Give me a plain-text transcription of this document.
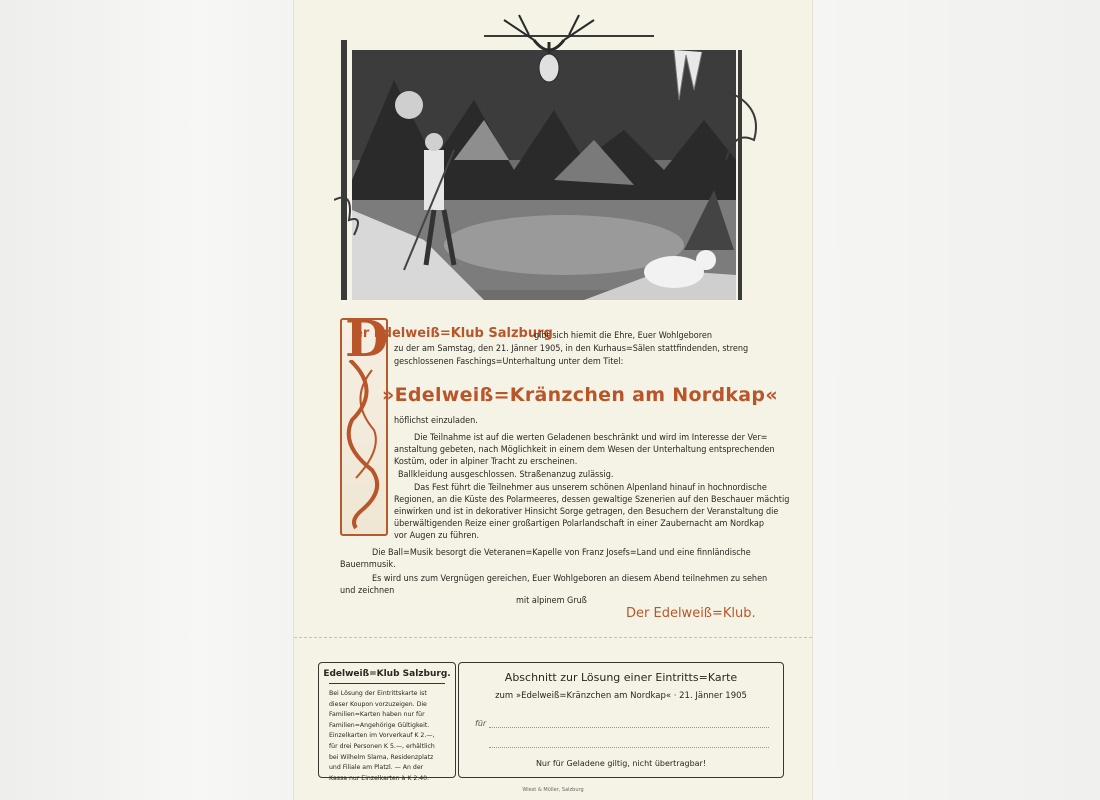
D
er Edelweiß=Klub Salzburg
gibt sich hiemit die Ehre, Euer Wohlgeboren
zu der am Samstag, den 21. Jänner 1905, in den Kurhaus=Sälen stattfindenden, streng
geschlossenen Faschings=Unterhaltung unter dem Titel:
»Edelweiß=Kränzchen am Nordkap«
höflichst einzuladen.
Die Teilnahme ist auf die werten Geladenen beschränkt und wird im Interesse der Ver=
anstaltung gebeten, nach Möglichkeit in einem dem Wesen der Unterhaltung entsprechenden
Kostüm, oder in alpiner Tracht zu erscheinen.
Ballkleidung ausgeschlossen. Straßenanzug zulässig.
Das Fest führt die Teilnehmer aus unserem schönen Alpenland hinauf in hochnordische
Regionen, an die Küste des Polarmeeres, dessen gewaltige Szenerien auf den Beschauer mächtig
einwirken und ist in dekorativer Hinsicht Sorge getragen, den Besuchern der Veranstaltung die
überwältigenden Reize einer großartigen Polarlandschaft in einer Zaubernacht am Nordkap
vor Augen zu führen.
Die Ball=Musik besorgt die Veteranen=Kapelle von Franz Josefs=Land und eine finnländische
Bauernmusik.
Es wird uns zum Vergnügen gereichen, Euer Wohlgeboren an diesem Abend teilnehmen zu sehen
und zeichnen
mit alpinem Gruß
Der Edelweiß=Klub.
Edelweiß=Klub Salzburg.
Bei Lösung der Eintrittskarte ist
dieser Koupon vorzuzeigen. Die
Familien=Karten haben nur für
Familien=Angehörige Gültigkeit.
Einzelkarten im Vorverkauf K 2.—,
für drei Personen K 5.—, erhältlich
bei Wilhelm Slama, Residenzplatz
und Filiale am Platzl. — An der
Kassa nur Einzelkarten à K 2.40.
Abschnitt zur Lösung einer Eintritts=Karte
zum »Edelweiß=Kränzchen am Nordkap« · 21. Jänner 1905
für
Nur für Geladene giltig, nicht übertragbar!
Wiest & Müller, Salzburg
